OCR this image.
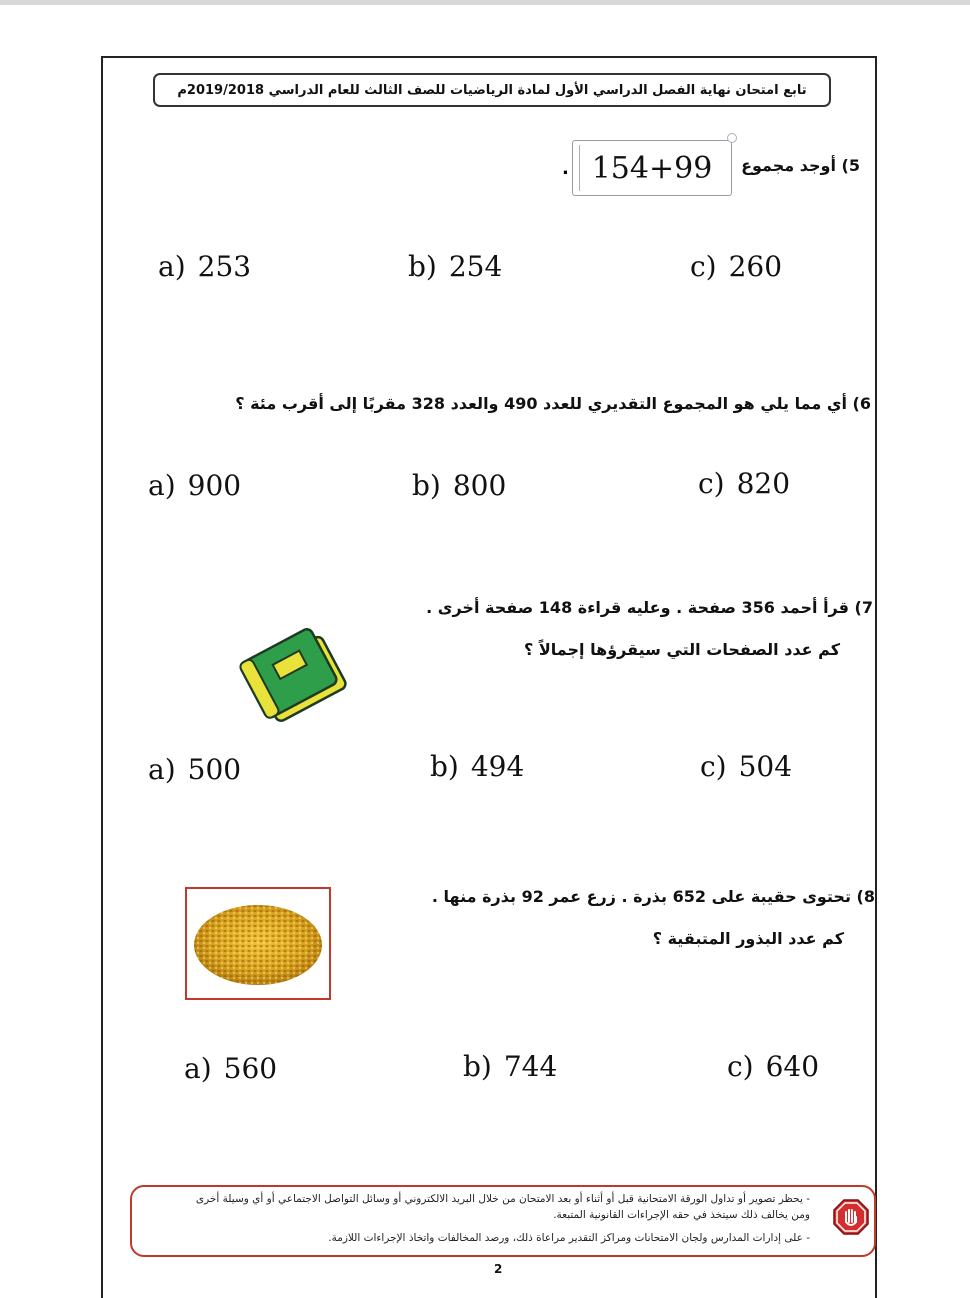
تابع امتحان نهاية الفصل الدراسي الأول لمادة الرياضيات للصف الثالث للعام الدراسي 2019/2018م
5) أوجد مجموع
154+99
.
a) 253	b) 254	c) 260
6) أي مما يلي هو المجموع التقديري للعدد 490 والعدد 328 مقربًا إلى أقرب مئة ؟
a) 900	b) 800	c) 820
7) قرأ أحمد 356 صفحة . وعليه قراءة 148 صفحة أخرى .
كم عدد الصفحات التي سيقرؤها إجمالاً ؟
a) 500	b) 494	c) 504
8) تحتوى حقيبة على 652 بذرة . زرع عمر 92 بذرة منها .
كم عدد البذور المتبقية ؟
a) 560	b) 744	c) 640
- يحظر تصوير أو تداول الورقة الامتحانية قبل أو أثناء أو بعد الامتحان من خلال البريد الالكتروني أو وسائل التواصل الاجتماعي أو أي وسيلة أخرى
ومن يخالف ذلك سيتخذ في حقه الإجراءات القانونية المتبعة.
- على إدارات المدارس ولجان الامتحانات ومراكز التقدير مراعاة ذلك، ورصد المخالفات واتخاذ الإجراءات اللازمة.
2
